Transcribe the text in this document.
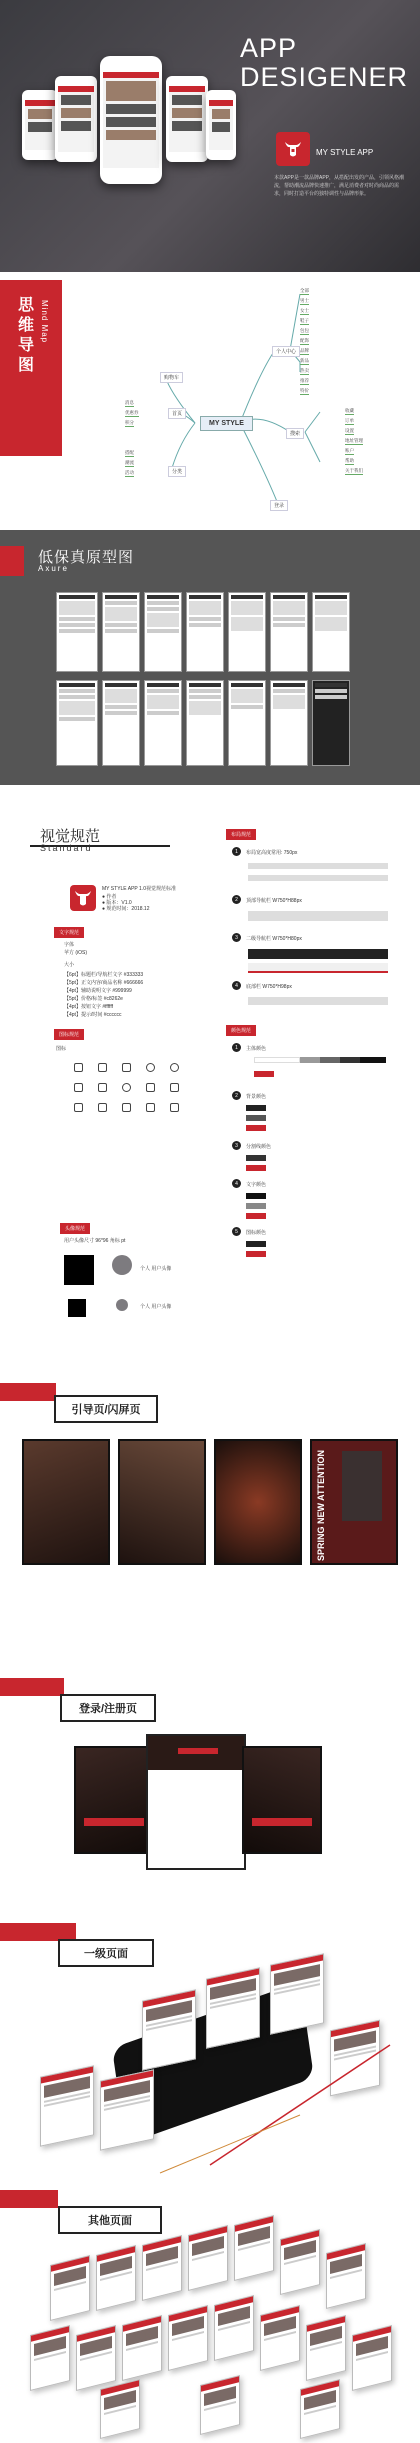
APP
DESIGENER
MY STYLE APP
本款APP是一款品牌APP，从搭配出发的产品，引领风格潮流，帮助潮流品牌快速推广，满足消费者对时尚商品的需求，同时打造平台的独特调性与品牌形象。
思维导图
Mind Map
MY STYLE
购物车
首页
分类
个人中心
搜索
登录
全部
男士
女士
鞋子
包包
配饰
品牌
新品
热卖
推荐
特价
收藏
订单
设置
地址管理
账户
帮助
关于我们
消息
优惠券
积分
搭配
潮流
活动
低保真原型图
Axure
视觉规范
Standard
MY STYLE APP 1.0视觉规范标准
● 作者
● 版本：V1.0
● 规范时间：2018.12
文字规范
字体
苹方 (iOS)
大小
【6pt】标题栏/导航栏文字 #333333
【5pt】正文内容/商品名称 #666666
【4pt】辅助说明文字 #999999
【5pt】价格/标签 #c8262e
【4pt】按钮文字 #ffffff
【4pt】提示/时间 #cccccc
图标规范
图标
头像规范
用户头像尺寸 96*96 角标 pt
个人 用户头像
个人 用户头像
布局规范
1	布局宽高度常用: 750px
2	顶部导航栏 W750*H88px
3	二级导航栏 W750*H80px
4	底部栏 W750*H98px
颜色规范
1	主体颜色
2	背景颜色
3	分割线颜色
4	文字颜色
5	图标颜色
引导页/闪屏页
SPRING NEW ATTENTION
登录/注册页
一级页面
其他页面
